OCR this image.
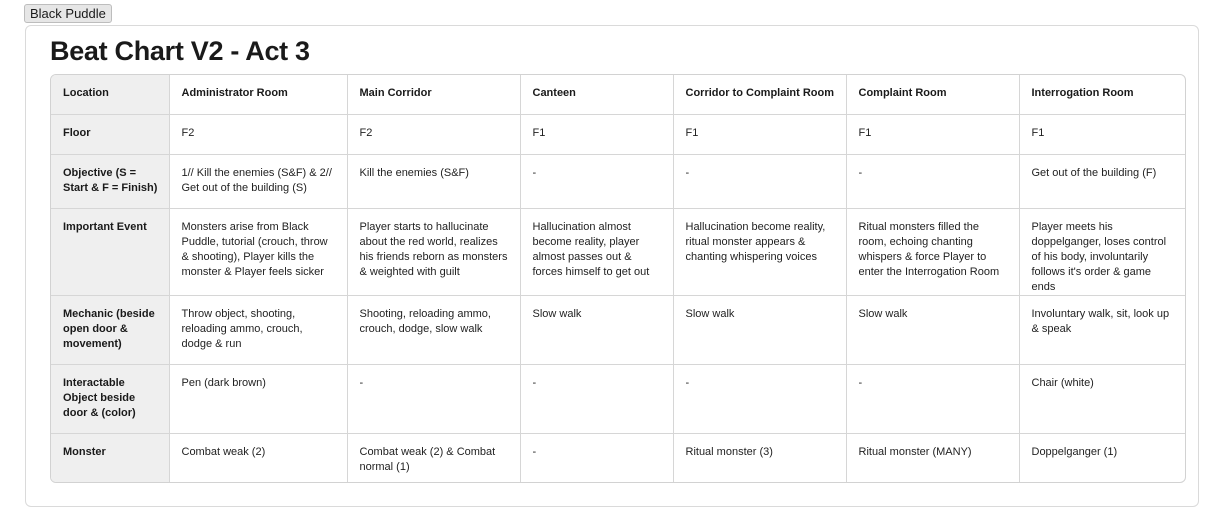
Black Puddle
Beat Chart V2 - Act 3
Location	Administrator Room	Main Corridor	Canteen	Corridor to Complaint Room	Complaint Room	Interrogation Room
Floor	F2	F2	F1	F1	F1	F1
Objective (S = Start & F = Finish)	1// Kill the enemies (S&F) & 2// Get out of the building (S)	Kill the enemies (S&F)	-	-	-	Get out of the building (F)
Important Event	Monsters arise from Black Puddle, tutorial (crouch, throw & shooting), Player kills the monster & Player feels sicker	Player starts to hallucinate about the red world, realizes his friends reborn as monsters & weighted with guilt	Hallucination almost become reality, player almost passes out & forces himself to get out	Hallucination become reality, ritual monster appears & chanting whispering voices	Ritual monsters filled the room, echoing chanting whispers & force Player to enter the Interrogation Room	Player meets his doppelganger, loses control of his body, involuntarily follows it's order & game ends
Mechanic (beside open door & movement)	Throw object, shooting, reloading ammo, crouch, dodge & run	Shooting, reloading ammo, crouch, dodge, slow walk	Slow walk	Slow walk	Slow walk	Involuntary walk, sit, look up & speak
Interactable Object beside door & (color)	Pen (dark brown)	-	-	-	-	Chair (white)
Monster	Combat weak (2)	Combat weak (2) & Combat normal (1)	-	Ritual monster (3)	Ritual monster (MANY)	Doppelganger (1)
